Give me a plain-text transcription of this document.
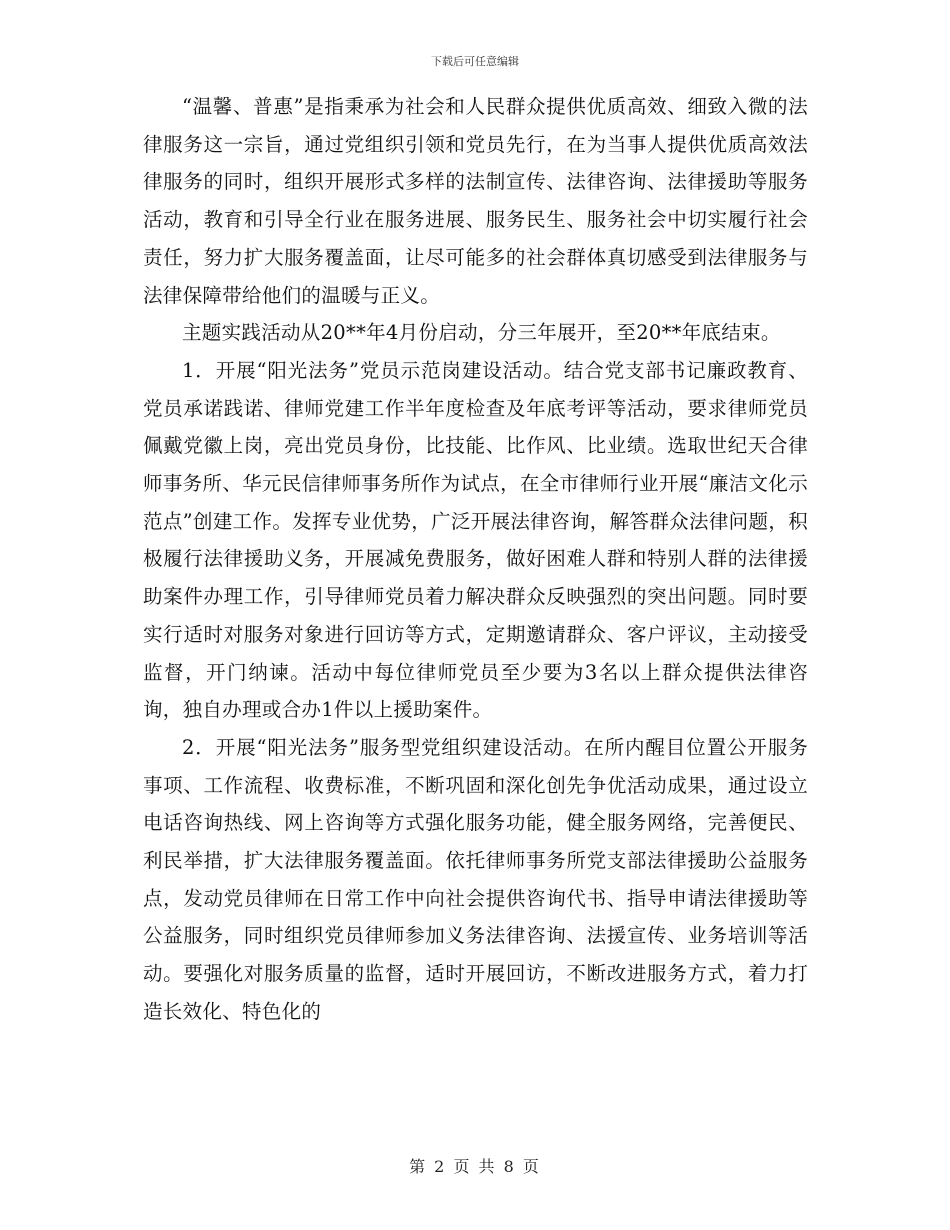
下载后可任意编辑

“温馨、普惠”是指秉承为社会和人民群众提供优质高效、细致入微的法律服务这一宗旨，通过党组织引领和党员先行，在为当事人提供优质高效法律服务的同时，组织开展形式多样的法制宣传、法律咨询、法律援助等服务活动，教育和引导全行业在服务进展、服务民生、服务社会中切实履行社会责任，努力扩大服务覆盖面，让尽可能多的社会群体真切感受到法律服务与法律保障带给他们的温暖与正义。

主题实践活动从20**年4月份启动，分三年展开，至20**年底结束。

1．开展“阳光法务”党员示范岗建设活动。结合党支部书记廉政教育、党员承诺践诺、律师党建工作半年度检查及年底考评等活动，要求律师党员佩戴党徽上岗，亮出党员身份，比技能、比作风、比业绩。选取世纪天合律师事务所、华元民信律师事务所作为试点，在全市律师行业开展“廉洁文化示范点”创建工作。发挥专业优势，广泛开展法律咨询，解答群众法律问题，积极履行法律援助义务，开展减免费服务，做好困难人群和特别人群的法律援助案件办理工作，引导律师党员着力解决群众反映强烈的突出问题。同时要实行适时对服务对象进行回访等方式，定期邀请群众、客户评议，主动接受监督，开门纳谏。活动中每位律师党员至少要为3名以上群众提供法律咨询，独自办理或合办1件以上援助案件。

2．开展“阳光法务”服务型党组织建设活动。在所内醒目位置公开服务事项、工作流程、收费标准，不断巩固和深化创先争优活动成果，通过设立电话咨询热线、网上咨询等方式强化服务功能，健全服务网络，完善便民、利民举措，扩大法律服务覆盖面。依托律师事务所党支部法律援助公益服务点，发动党员律师在日常工作中向社会提供咨询代书、指导申请法律援助等公益服务，同时组织党员律师参加义务法律咨询、法援宣传、业务培训等活动。要强化对服务质量的监督，适时开展回访，不断改进服务方式，着力打造长效化、特色化的

第 2 页 共 8 页
